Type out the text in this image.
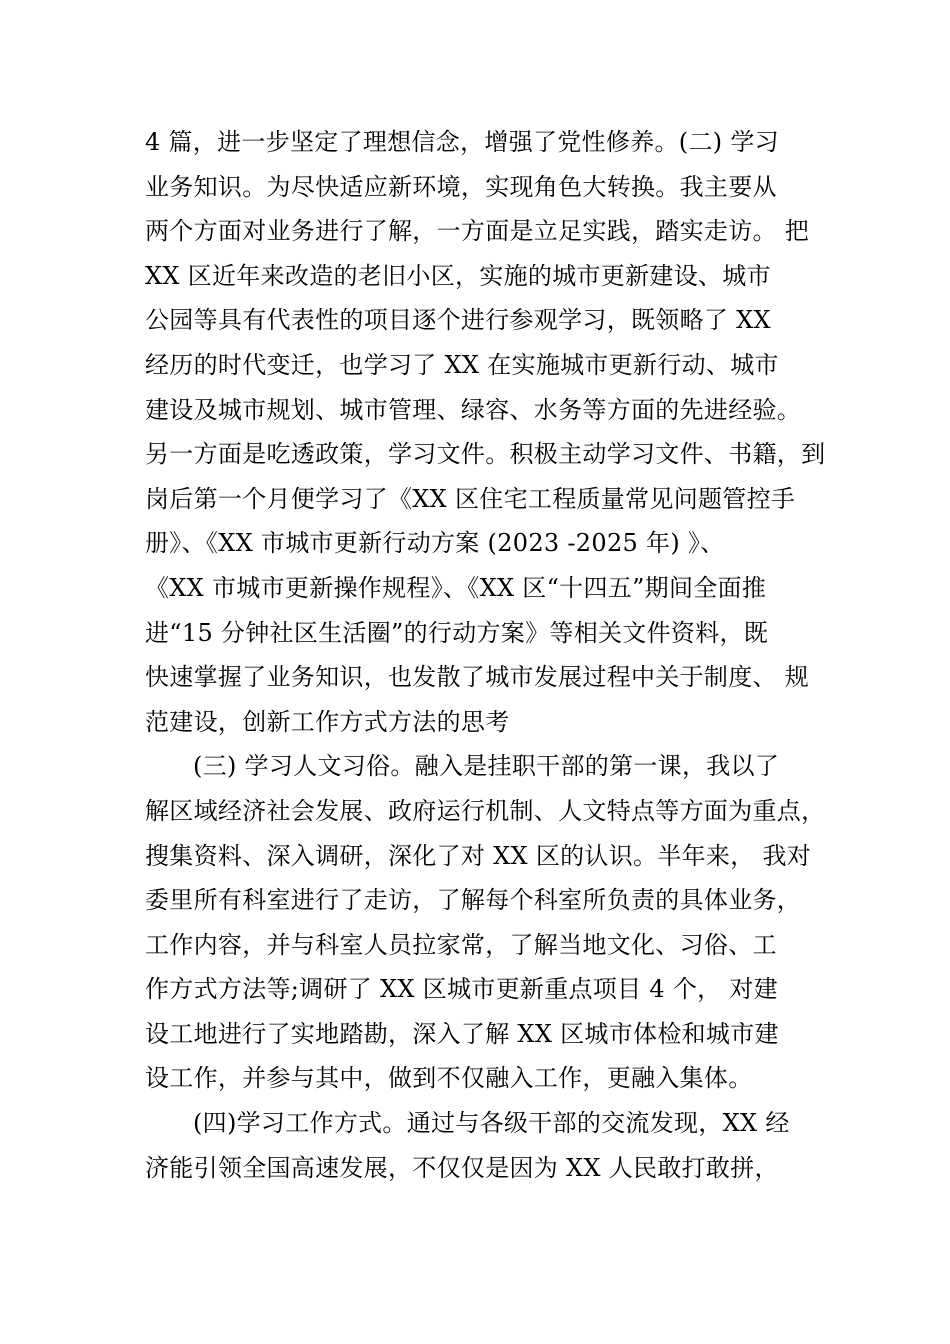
4 篇，进一步坚定了理想信念，增强了党性修养。(二) 学习
业务知识。为尽快适应新环境，实现角色大转换。我主要从
两个方面对业务进行了解，一方面是立足实践，踏实走访。 把
XX 区近年来改造的老旧小区，实施的城市更新建设、城市
公园等具有代表性的项目逐个进行参观学习，既领略了 XX
经历的时代变迁，也学习了 XX 在实施城市更新行动、城市
建设及城市规划、城市管理、绿容、水务等方面的先进经验。
另一方面是吃透政策，学习文件。积极主动学习文件、书籍，到
岗后第一个月便学习了《XX 区住宅工程质量常见问题管控手
册》、《XX 市城市更新行动方案 (2023 -2025 年) 》、
《XX 市城市更新操作规程》、《XX 区“十四五”期间全面推
进“15 分钟社区生活圈”的行动方案》等相关文件资料，既
快速掌握了业务知识，也发散了城市发展过程中关于制度、 规
范建设，创新工作方式方法的思考
(三) 学习人文习俗。融入是挂职干部的第一课，我以了
解区域经济社会发展、政府运行机制、人文特点等方面为重点，
搜集资料、深入调研，深化了对 XX 区的认识。半年来， 我对
委里所有科室进行了走访，了解每个科室所负责的具体业务，
工作内容，并与科室人员拉家常，了解当地文化、习俗、工
作方式方法等;调研了 XX 区城市更新重点项目 4 个， 对建
设工地进行了实地踏勘，深入了解 XX 区城市体检和城市建
设工作，并参与其中，做到不仅融入工作，更融入集体。
(四)学习工作方式。通过与各级干部的交流发现，XX 经
济能引领全国高速发展，不仅仅是因为 XX 人民敢打敢拼，
